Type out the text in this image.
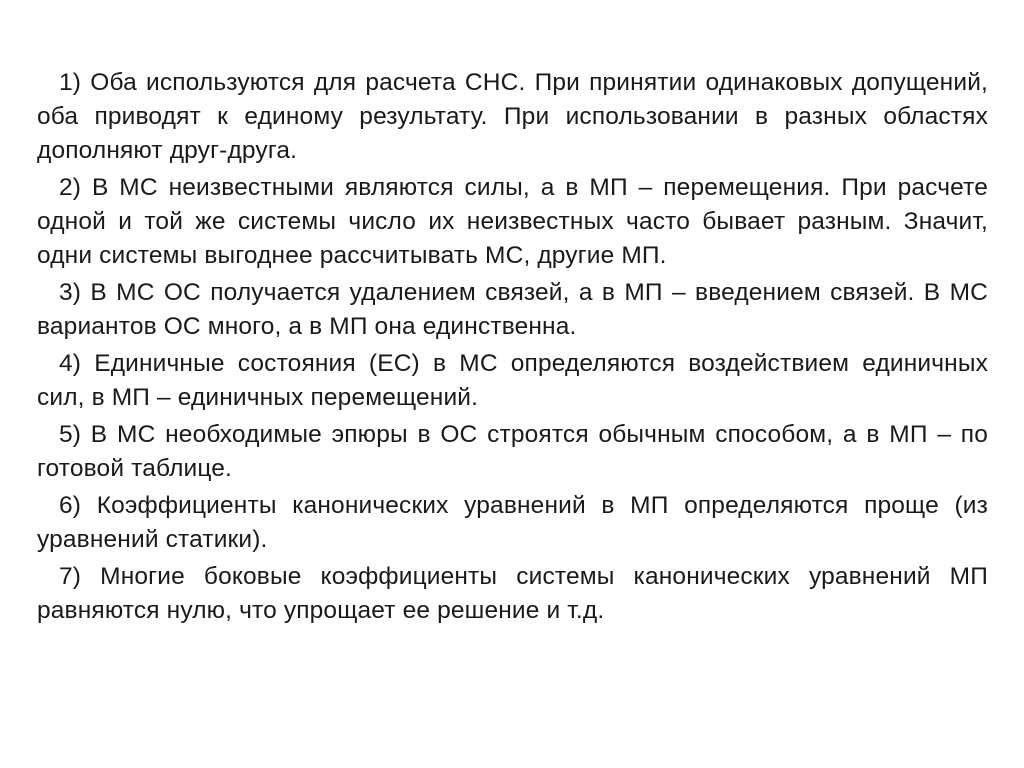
1) Оба используются для расчета СНС. При принятии одинаковых допущений, оба приводят к единому результату. При использовании в разных областях дополняют друг-друга.

2) В МС неизвестными являются силы, а в МП – перемещения. При расчете одной и той же системы число их неизвестных часто бывает разным. Значит, одни системы выгоднее рассчитывать МС, другие МП.

3) В МС ОС получается удалением связей, а в МП – введением связей. В МС вариантов ОС много, а в МП она единственна.

4) Единичные состояния (ЕС) в МС определяются воздействием единичных сил, в МП – единичных перемещений.

5) В МС необходимые эпюры в ОС строятся обычным способом, а в МП – по готовой таблице.

6) Коэффициенты канонических уравнений в МП определяются проще (из уравнений статики).

7) Многие боковые коэффициенты системы канонических уравнений МП равняются нулю, что упрощает ее решение и т.д.
